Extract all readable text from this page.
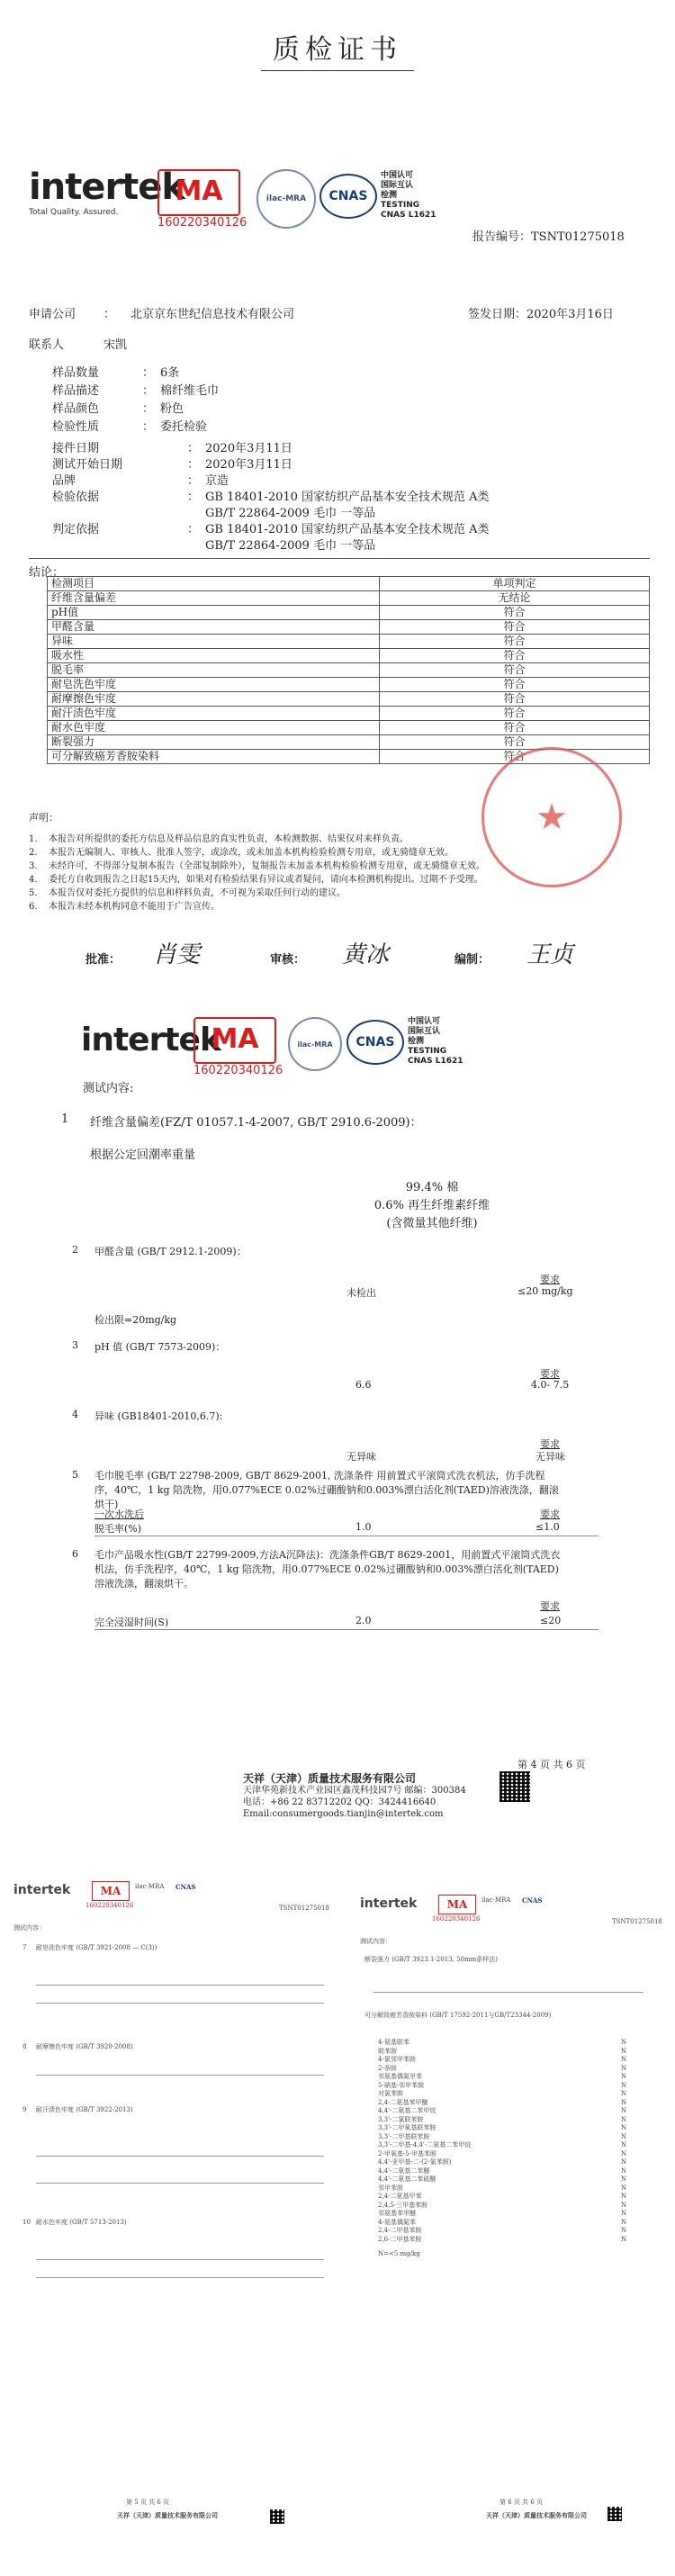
质检证书
intertek
Total Quality. Assured.
MA
160220340126
ilac-MRA	CNAS
中国认可
国际互认
检测
TESTING
CNAS L1621
报告编号：TSNT01275018
申请公司 ： 北京京东世纪信息技术有限公司	签发日期：2020年3月16日
联系人	宋凯
样品数量	： 6条
样品描述	： 棉纤维毛巾
样品颜色	： 粉色
检验性质	： 委托检验
接件日期	： 2020年3月11日
测试开始日期	： 2020年3月11日
品牌	： 京造
检验依据	： GB 18401-2010 国家纺织产品基本安全技术规范 A类
GB/T 22864-2009 毛巾 一等品
判定依据	： GB 18401-2010 国家纺织产品基本安全技术规范 A类
GB/T 22864-2009 毛巾 一等品
结论：
检测项目	单项判定
纤维含量偏差	无结论
pH值	符合
甲醛含量	符合
异味	符合
吸水性	符合
脱毛率	符合
耐皂洗色牢度	符合
耐摩擦色牢度	符合
耐汗渍色牢度	符合
耐水色牢度	符合
断裂强力	符合
可分解致癌芳香胺染料	符合
★
声明：
1.	本报告对所提供的委托方信息及样品信息的真实性负责，本检测数据、结果仅对来样负责。
2.	本报告无编制人、审核人、批准人签字，或涂改，或未加盖本机构检验检测专用章，或无骑缝章无效。
3.	未经许可，不得部分复制本报告（全部复制除外），复制报告未加盖本机构检验检测专用章，或无骑缝章无效。
4.	委托方自收到报告之日起15天内，如果对有检验结果有异议或者疑问，请向本检测机构提出。过期不予受理。
5.	本报告仅对委托方提供的信息和样料负责，不可视为采取任何行动的建议。
6.	本报告未经本机构同意不能用于广告宣传。
批准： 肖雯	审核： 黄冰	编制： 王贞
intertek
MA
160220340126
ilac-MRA	CNAS
中国认可
国际互认
检测
TESTING
CNAS L1621
测试内容:
1 纤维含量偏差(FZ/T 01057.1-4-2007, GB/T 2910.6-2009)：
根据公定回潮率重量
99.4% 棉
0.6% 再生纤维素纤维
(含微量其他纤维)
2 甲醛含量 (GB/T 2912.1-2009)：
要求
未检出	≤20 mg/kg
检出限=20mg/kg
3 pH 值 (GB/T 7573-2009)：
要求
6.6	4.0- 7.5
4 异味 (GB18401-2010,6.7):
要求
无异味	无异味
5 毛巾脱毛率 (GB/T 22798-2009, GB/T 8629-2001, 洗涤条件 用前置式平滚筒式洗衣机法，仿手洗程序，40℃，1 kg 陪洗物，用0.077%ECE 0.02%过硼酸钠和0.003%漂白活化剂(TAED)溶液洗涤，翻滚烘干)
一次水洗后	要求
脱毛率(%)	1.0	≤1.0
6 毛巾产品吸水性(GB/T 22799-2009,方法A沉降法)：洗涤条件GB/T 8629-2001，用前置式平滚筒式洗衣机法，仿手洗程序，40℃，1 kg 陪洗物，用0.077%ECE 0.02%过硼酸钠和0.003%漂白活化剂(TAED)溶液洗涤，翻滚烘干。
要求
完全浸湿时间(S)	2.0	≤20
第 4 页 共 6 页
天祥（天津）质量技术服务有限公司
天津华苑新技术产业园区鑫茂科技园7号 邮编：300384
电话：+86 22 83712202 QQ：3424416640
Email:consumergoods.tianjin@intertek.com
intertek	MA
160220340126
ilac-MRA CNAS
TSNT01275018
测试内容：
7 耐皂洗色牢度 (GB/T 3921-2008 — C(3))
8 耐摩擦色牢度 (GB/T 3920-2008)
9 耐汗渍色牢度 (GB/T 3922-2013)
10 耐水色牢度 (GB/T 5713-2013)
第 5 页 共 6 页
天祥（天津）质量技术服务有限公司
intertek	MA
160220340126
ilac-MRA CNAS
TSNT01275018
测试内容：
断裂强力 (GB/T 3923.1-2013, 50mm条样法)
可分解致癌芳香胺染料 (GB/T 17592-2011与GB/T23344-2009)
4-氨基联苯	N
联苯胺	N
4-氯邻甲苯胺	N
2-萘胺	N
邻氨基偶氮甲苯	N
5-硝基-邻甲苯胺	N
对氯苯胺	N
2,4-二氨基苯甲醚	N
4,4'-二氨基二苯甲烷	N
3,3'-二氯联苯胺	N
3,3'-二甲氧基联苯胺	N
3,3'-二甲基联苯胺	N
3,3'-二甲基-4,4'-二氨基二苯甲烷	N
2-甲氧基-5-甲基苯胺	N
4,4'-亚甲基-二-(2-氯苯胺)	N
4,4'-二氨基二苯醚	N
4,4'-二氨基二苯硫醚	N
邻甲苯胺	N
2,4-二氨基甲苯	N
2,4,5-三甲基苯胺	N
邻氨基苯甲醚	N
4-氨基偶氮苯	N
2,4-二甲基苯胺	N
2,6-二甲基苯胺	N
N=<5 mg/kg
第 6 页 共 6 页
天祥（天津）质量技术服务有限公司
